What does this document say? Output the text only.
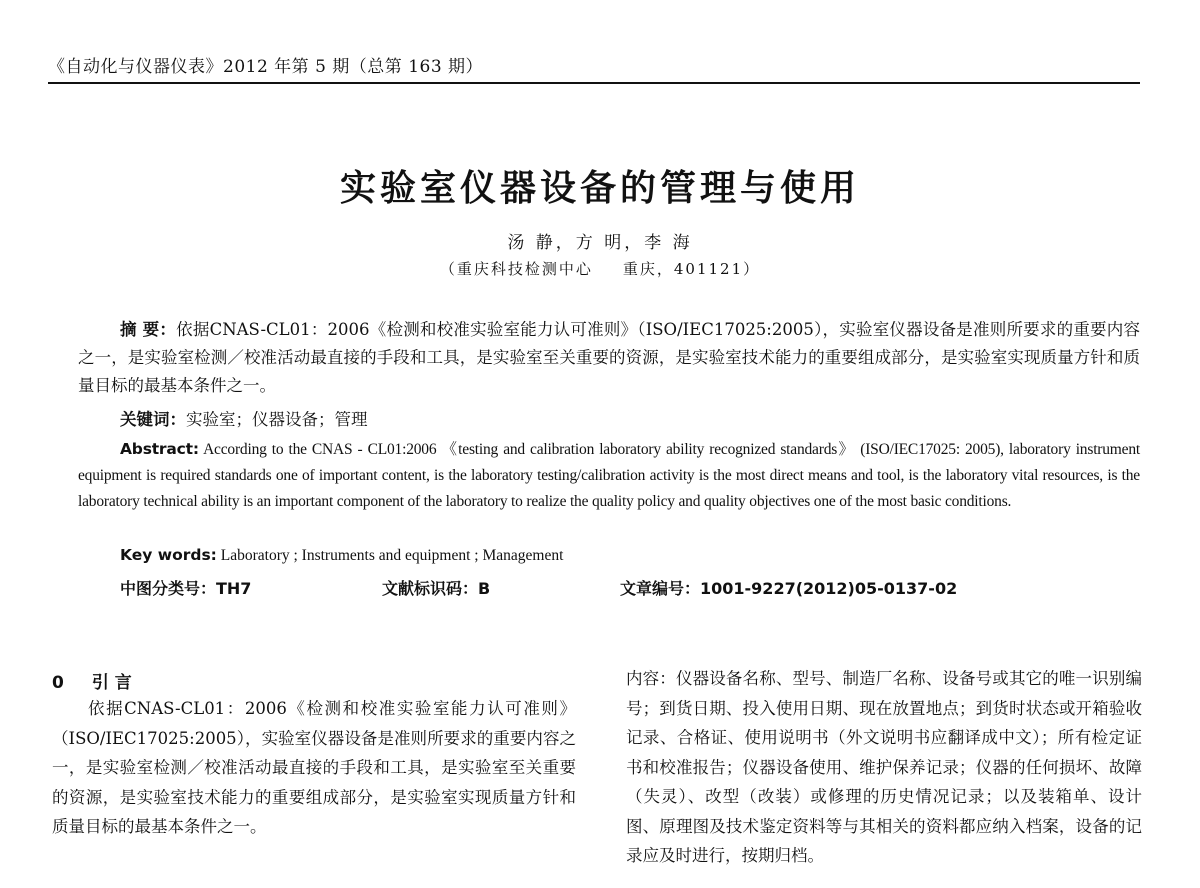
《自动化与仪器仪表》2012 年第 5 期（总第 163 期）
实验室仪器设备的管理与使用
汤 静，方 明，李 海
（重庆科技检测中心 重庆，401121）
摘 要：依据CNAS-CL01：2006《检测和校准实验室能力认可准则》（ISO/IEC17025:2005），实验室仪器设备是准则所要求的重要内容之一，是实验室检测／校准活动最直接的手段和工具，是实验室至关重要的资源，是实验室技术能力的重要组成部分，是实验室实现质量方针和质量目标的最基本条件之一。
关键词：实验室；仪器设备；管理
Abstract: According to the CNAS - CL01:2006 《testing and calibration laboratory ability recognized standards》 (ISO/IEC17025: 2005), laboratory instrument equipment is required standards one of important content, is the laboratory testing/calibration activity is the most direct means and tool, is the laboratory vital resources, is the laboratory technical ability is an important component of the laboratory to realize the quality policy and quality objectives one of the most basic conditions.
Key words: Laboratory ; Instruments and equipment ; Management
中图分类号：TH7	文献标识码：B	文章编号：1001-9227(2012)05-0137-02
0 引 言
依据CNAS-CL01：2006《检测和校准实验室能力认可准则》（ISO/IEC17025:2005），实验室仪器设备是准则所要求的重要内容之一，是实验室检测／校准活动最直接的手段和工具，是实验室至关重要的资源，是实验室技术能力的重要组成部分，是实验室实现质量方针和质量目标的最基本条件之一。
内容：仪器设备名称、型号、制造厂名称、设备号或其它的唯一识别编号；到货日期、投入使用日期、现在放置地点；到货时状态或开箱验收记录、合格证、使用说明书（外文说明书应翻译成中文）；所有检定证书和校准报告；仪器设备使用、维护保养记录；仪器的任何损坏、故障（失灵）、改型（改装）或修理的历史情况记录；以及装箱单、设计图、原理图及技术鉴定资料等与其相关的资料都应纳入档案，设备的记录应及时进行，按期归档。
